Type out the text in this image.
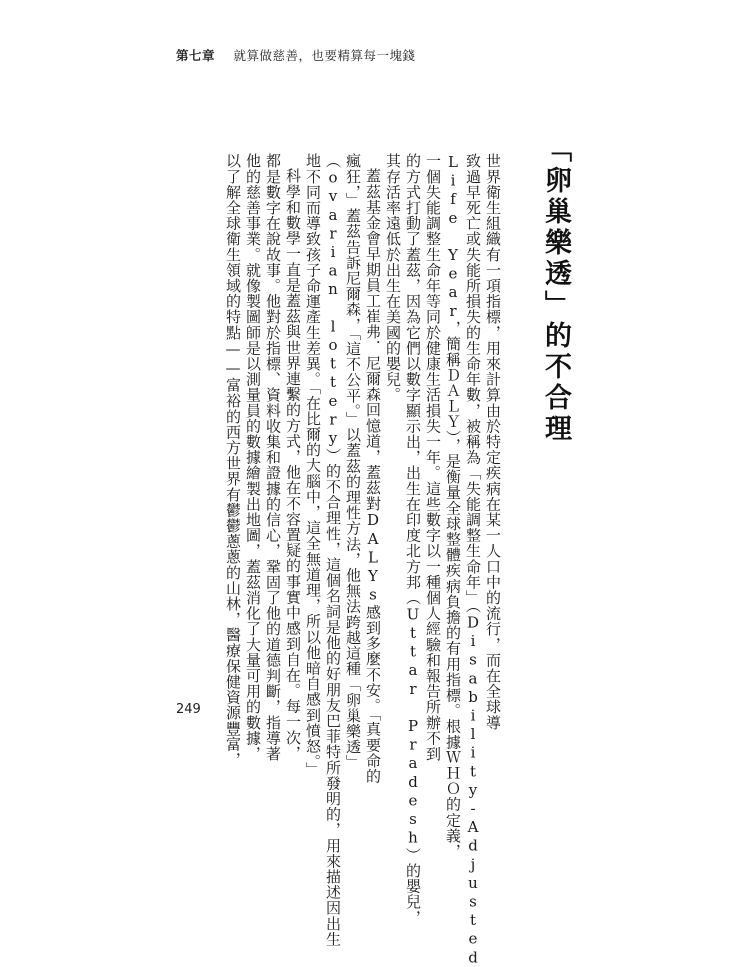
第七章 就算做慈善，也要精算每一塊錢
「卵巢樂透」的不合理
世界衛生組織有一項指標，用來計算由於特定疾病在某一人口中的流行，而在全球導
致過早死亡或失能所損失的生命年數，被稱為「失能調整生命年」（Disability-Adjusted
Life Year，簡稱ＤＡＬＹ），是衡量全球整體疾病負擔的有用指標。根據ＷＨＯ的定義，
一個失能調整生命年等同於健康生活損失一年。這些數字以一種個人經驗和報告所辦不到
的方式打動了蓋茲，因為它們以數字顯示出，出生在印度北方邦（Uttar Pradesh）的嬰兒，
其存活率遠低於出生在美國的嬰兒。
蓋茲基金會早期員工崔弗．尼爾森回憶道，蓋茲對DALYs感到多麼不安。「真要命的
瘋狂，」蓋茲告訴尼爾森，「這不公平。」以蓋茲的理性方法，他無法跨越這種「卵巢樂透」
（ovarian lottery）的不合理性，這個名詞是他的好朋友巴菲特所發明的，用來描述因出生
地不同而導致孩子命運產生差異。「在比爾的大腦中，這全無道理，所以他暗自感到憤怒。」
科學和數學一直是蓋茲與世界連繫的方式，他在不容置疑的事實中感到自在。每一次，
都是數字在說故事。他對於指標、資料收集和證據的信心，鞏固了他的道德判斷，指導著
他的慈善事業。就像製圖師是以測量員的數據繪製出地圖，蓋茲消化了大量可用的數據，
以了解全球衛生領域的特點——富裕的西方世界有鬱鬱蔥蔥的山林，醫療保健資源豐富，
249
